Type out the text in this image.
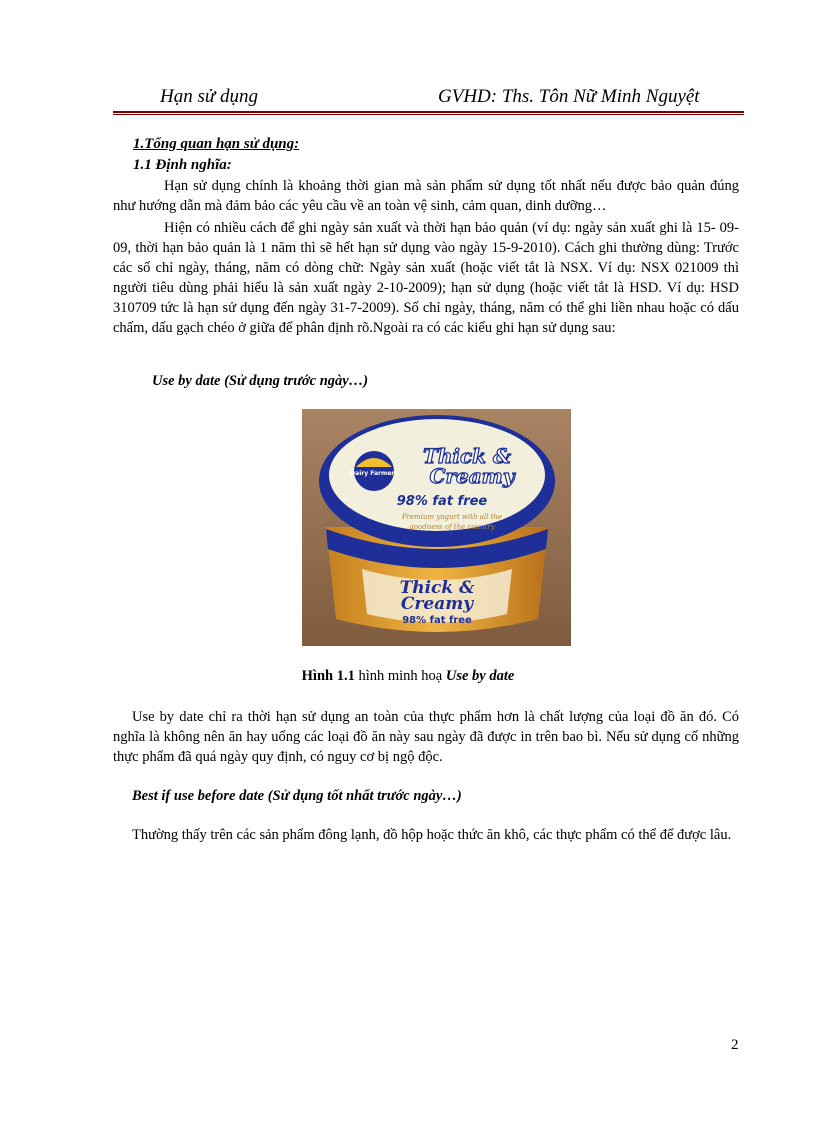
Hạn sử dụng	GVHD: Ths. Tôn Nữ Minh Nguyệt
1.Tổng quan hạn sử dụng:
1.1 Định nghĩa:
Hạn sử dụng chính là khoảng thời gian mà sản phẩm sử dụng tốt nhất nếu được bảo quản đúng như hướng dẫn mà đảm bảo các yêu cầu về an toàn vệ sinh, cảm quan, dinh dưỡng…
Hiện có nhiều cách để ghi ngày sản xuất và thời hạn bảo quản (ví dụ: ngày sản xuất ghi là 15- 09- 09, thời hạn bảo quản là 1 năm thì sẽ hết hạn sử dụng vào ngày 15-9-2010). Cách ghi thường dùng: Trước các số chỉ ngày, tháng, năm có dòng chữ: Ngày sản xuất (hoặc viết tắt là NSX. Ví dụ: NSX 021009 thì người tiêu dùng phải hiểu là sản xuất ngày 2-10-2009); hạn sử dụng (hoặc viết tắt là HSD. Ví dụ: HSD 310709 tức là hạn sử dụng đến ngày 31-7-2009). Số chỉ ngày, tháng, năm có thể ghi liền nhau hoặc có dấu chấm, dấu gạch chéo ở giữa để phân định rõ.Ngoài ra có các kiểu ghi hạn sử dụng sau:
Use by date (Sử dụng trước ngày…)
Thick &
Creamy
98% fat free
Dairy Farmers
Thick &
Creamy
98% fat free
Premium yogurt with all the
goodness of the country
Hình 1.1 hình minh hoạ Use by date
Use by date chỉ ra thời hạn sử dụng an toàn của thực phẩm hơn là chất lượng của loại đồ ăn đó. Có nghĩa là không nên ăn hay uống các loại đồ ăn này sau ngày đã được in trên bao bì. Nếu sử dụng cố những thực phẩm đã quá ngày quy định, có nguy cơ bị ngộ độc.
Best if use before date (Sử dụng tốt nhất trước ngày…)
Thường thấy trên các sản phẩm đông lạnh, đồ hộp hoặc thức ăn khô, các thực phẩm có thể để được lâu.
2
